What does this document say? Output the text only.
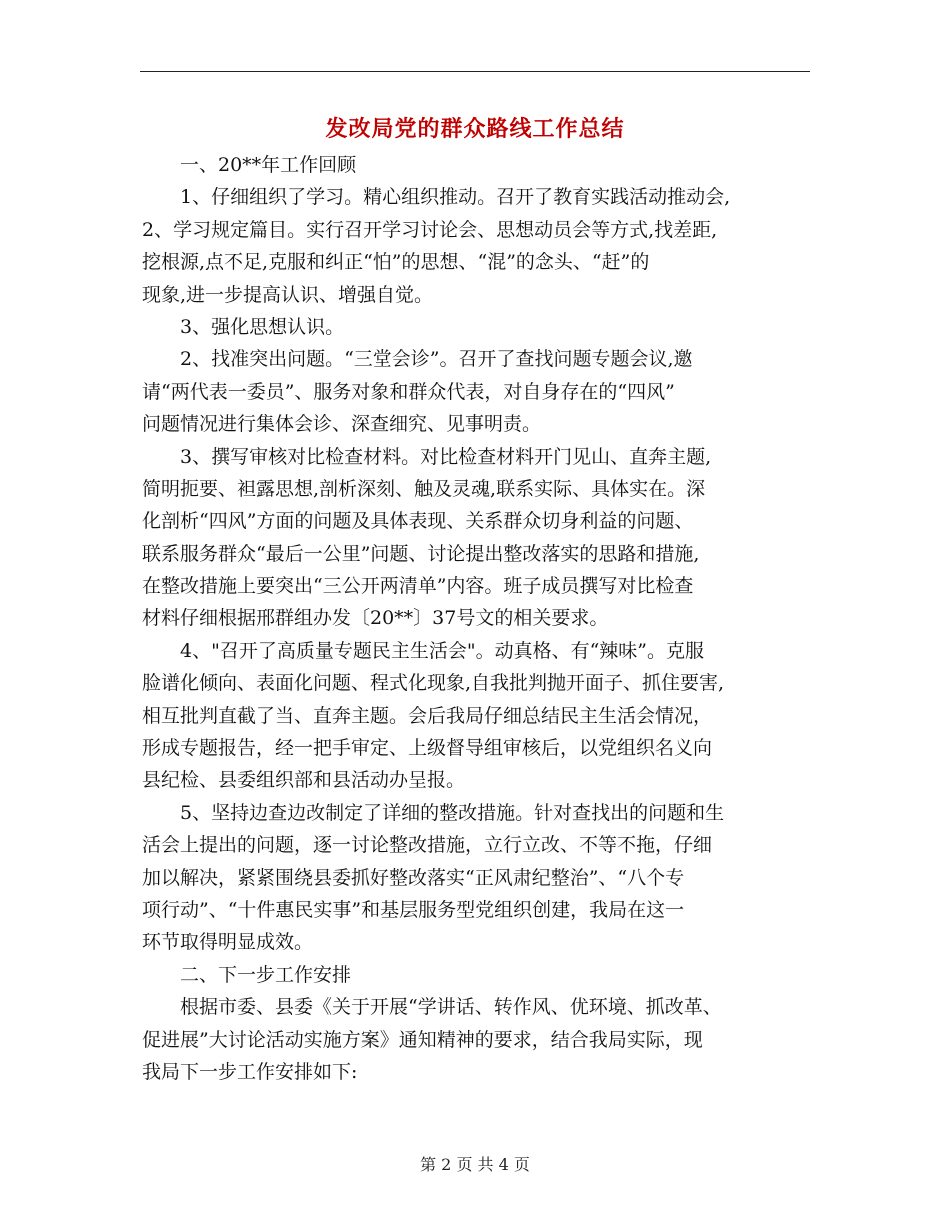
发改局党的群众路线工作总结
一、20**年工作回顾
1、仔细组织了学习。精心组织推动。召开了教育实践活动推动会,
2、学习规定篇目。实行召开学习讨论会、思想动员会等方式,找差距,
挖根源,点不足,克服和纠正“怕”的思想、“混”的念头、“赶”的
现象,进一步提高认识、增强自觉。
3、强化思想认识。
2、找准突出问题。“三堂会诊”。召开了查找问题专题会议,邀
请“两代表一委员”、服务对象和群众代表，对自身存在的“四风”
问题情况进行集体会诊、深查细究、见事明责。
3、撰写审核对比检查材料。对比检查材料开门见山、直奔主题,
简明扼要、袒露思想,剖析深刻、触及灵魂,联系实际、具体实在。深
化剖析“四风”方面的问题及具体表现、关系群众切身利益的问题、
联系服务群众“最后一公里”问题、讨论提出整改落实的思路和措施,
在整改措施上要突出“三公开两清单”内容。班子成员撰写对比检查
材料仔细根据邢群组办发〔20**〕37号文的相关要求。
4、"召开了高质量专题民主生活会"。动真格、有“辣味”。克服
脸谱化倾向、表面化问题、程式化现象,自我批判抛开面子、抓住要害,
相互批判直截了当、直奔主题。会后我局仔细总结民主生活会情况，
形成专题报告，经一把手审定、上级督导组审核后，以党组织名义向
县纪检、县委组织部和县活动办呈报。
5、坚持边查边改制定了详细的整改措施。针对查找出的问题和生
活会上提出的问题，逐一讨论整改措施，立行立改、不等不拖，仔细
加以解决，紧紧围绕县委抓好整改落实“正风肃纪整治”、“八个专
项行动”、“十件惠民实事”和基层服务型党组织创建，我局在这一
环节取得明显成效。
二、下一步工作安排
根据市委、县委《关于开展“学讲话、转作风、优环境、抓改革、
促进展”大讨论活动实施方案》通知精神的要求，结合我局实际，现
我局下一步工作安排如下:
第 2 页 共 4 页
